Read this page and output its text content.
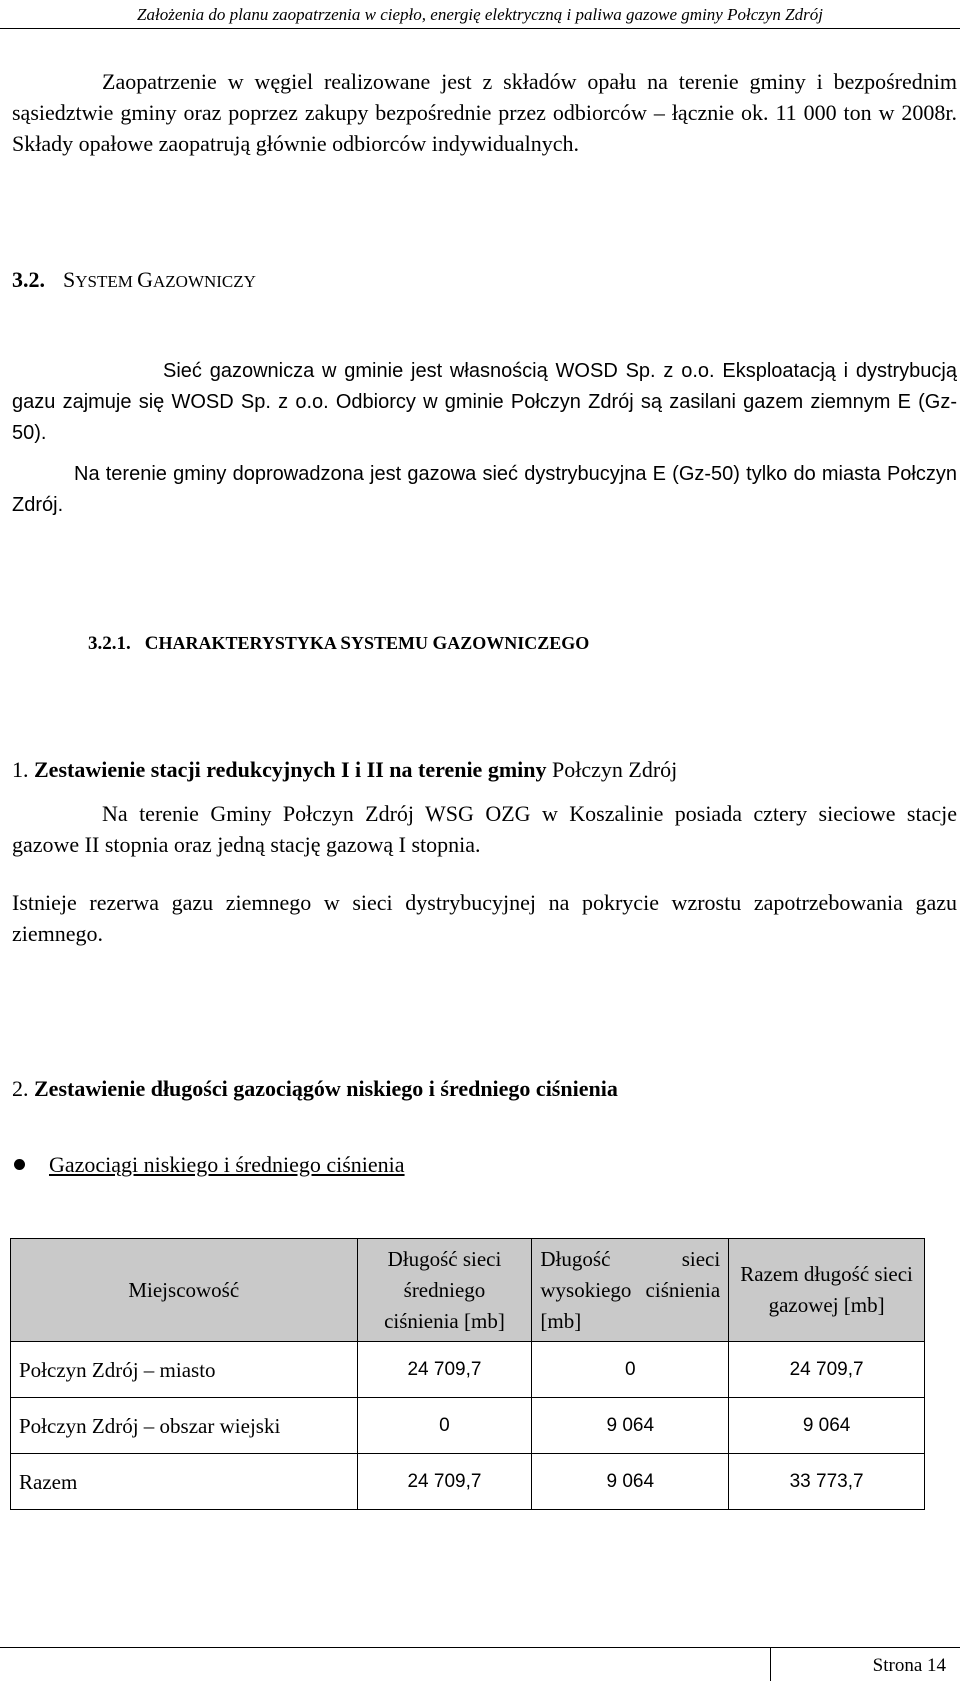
Założenia do planu zaopatrzenia w ciepło, energię elektryczną i paliwa gazowe gminy Połczyn Zdrój

Zaopatrzenie w węgiel realizowane jest z składów opału na terenie gminy i bezpośrednim sąsiedztwie gminy oraz poprzez zakupy bezpośrednie przez odbiorców – łącznie ok. 11 000 ton w 2008r. Składy opałowe zaopatrują głównie odbiorców indywidualnych.

3.2. SYSTEM GAZOWNICZY

Sieć gazownicza w gminie jest własnością WOSD Sp. z o.o. Eksploatacją i dystrybucją gazu zajmuje się WOSD Sp. z o.o. Odbiorcy w gminie Połczyn Zdrój są zasilani gazem ziemnym E (Gz-50).

Na terenie gminy doprowadzona jest gazowa sieć dystrybucyjna E (Gz-50) tylko do miasta Połczyn Zdrój.

3.2.1. CHARAKTERYSTYKA SYSTEMU GAZOWNICZEGO
1. Zestawienie stacji redukcyjnych I i II na terenie gminy Połczyn Zdrój

Na terenie Gminy Połczyn Zdrój WSG OZG w Koszalinie posiada cztery sieciowe stacje gazowe II stopnia oraz jedną stację gazową I stopnia.

Istnieje rezerwa gazu ziemnego w sieci dystrybucyjnej na pokrycie wzrostu zapotrzebowania gazu ziemnego.

2. Zestawienie długości gazociągów niskiego i średniego ciśnienia
Gazociągi niskiego i średniego ciśnienia
Miejscowość	Długość sieci średniego ciśnienia [mb]	Długość sieci wysokiego ciśnienia [mb]	Razem długość sieci gazowej [mb]
Połczyn Zdrój – miasto	24 709,7	0	24 709,7
Połczyn Zdrój – obszar wiejski	0	9 064	9 064
Razem	24 709,7	9 064	33 773,7
Strona 14
